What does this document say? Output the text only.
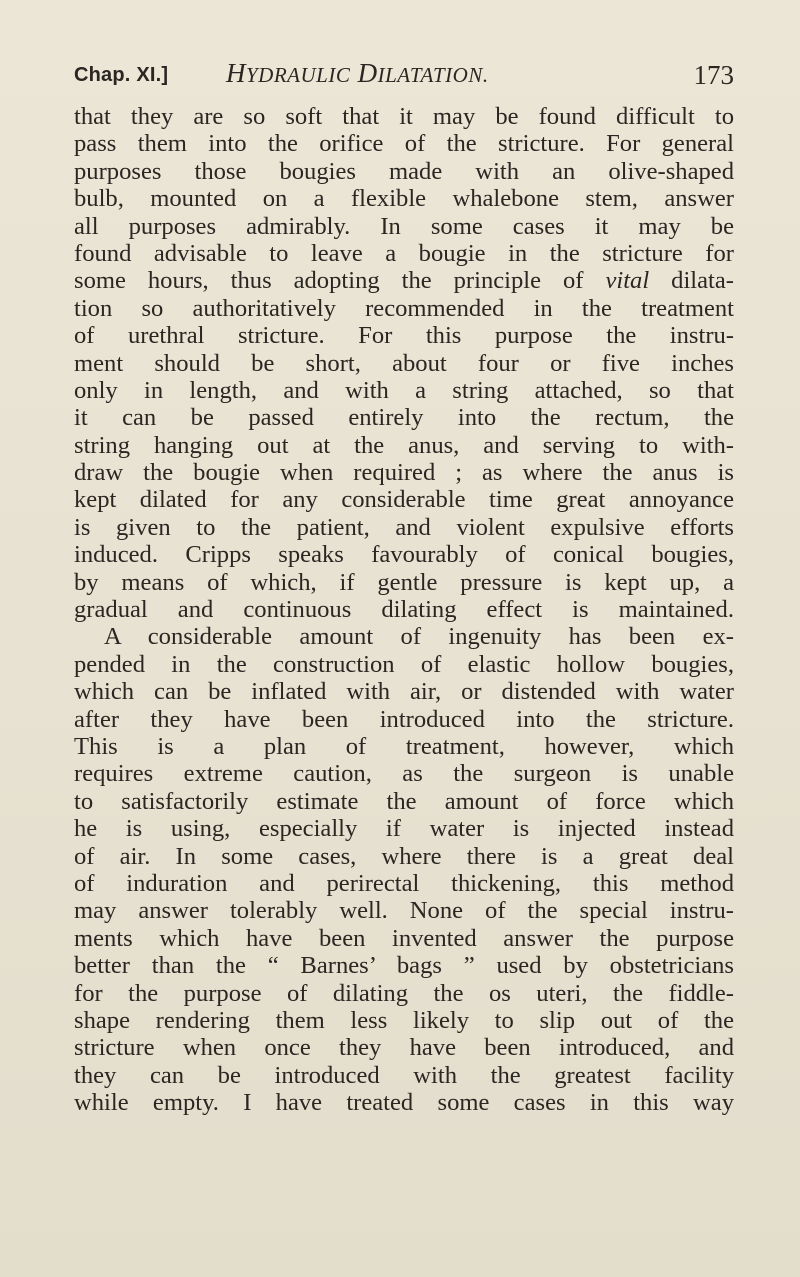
Chap. XI.] HYDRAULIC DILATATION.	173
that they are so soft that it may be found difficult to
pass them into the orifice of the stricture. For general
purposes those bougies made with an olive-shaped
bulb, mounted on a flexible whalebone stem, answer
all purposes admirably. In some cases it may be
found advisable to leave a bougie in the stricture for
some hours, thus adopting the principle of vital dilata-
tion so authoritatively recommended in the treatment
of urethral stricture. For this purpose the instru-
ment should be short, about four or five inches
only in length, and with a string attached, so that
it can be passed entirely into the rectum, the
string hanging out at the anus, and serving to with-
draw the bougie when required ; as where the anus is
kept dilated for any considerable time great annoyance
is given to the patient, and violent expulsive efforts
induced. Cripps speaks favourably of conical bougies,
by means of which, if gentle pressure is kept up, a
gradual and continuous dilating effect is maintained.
A considerable amount of ingenuity has been ex-
pended in the construction of elastic hollow bougies,
which can be inflated with air, or distended with water
after they have been introduced into the stricture.
This is a plan of treatment, however, which
requires extreme caution, as the surgeon is unable
to satisfactorily estimate the amount of force which
he is using, especially if water is injected instead
of air. In some cases, where there is a great deal
of induration and perirectal thickening, this method
may answer tolerably well. None of the special instru-
ments which have been invented answer the purpose
better than the “ Barnes’ bags ” used by obstetricians
for the purpose of dilating the os uteri, the fiddle-
shape rendering them less likely to slip out of the
stricture when once they have been introduced, and
they can be introduced with the greatest facility
while empty. I have treated some cases in this way
